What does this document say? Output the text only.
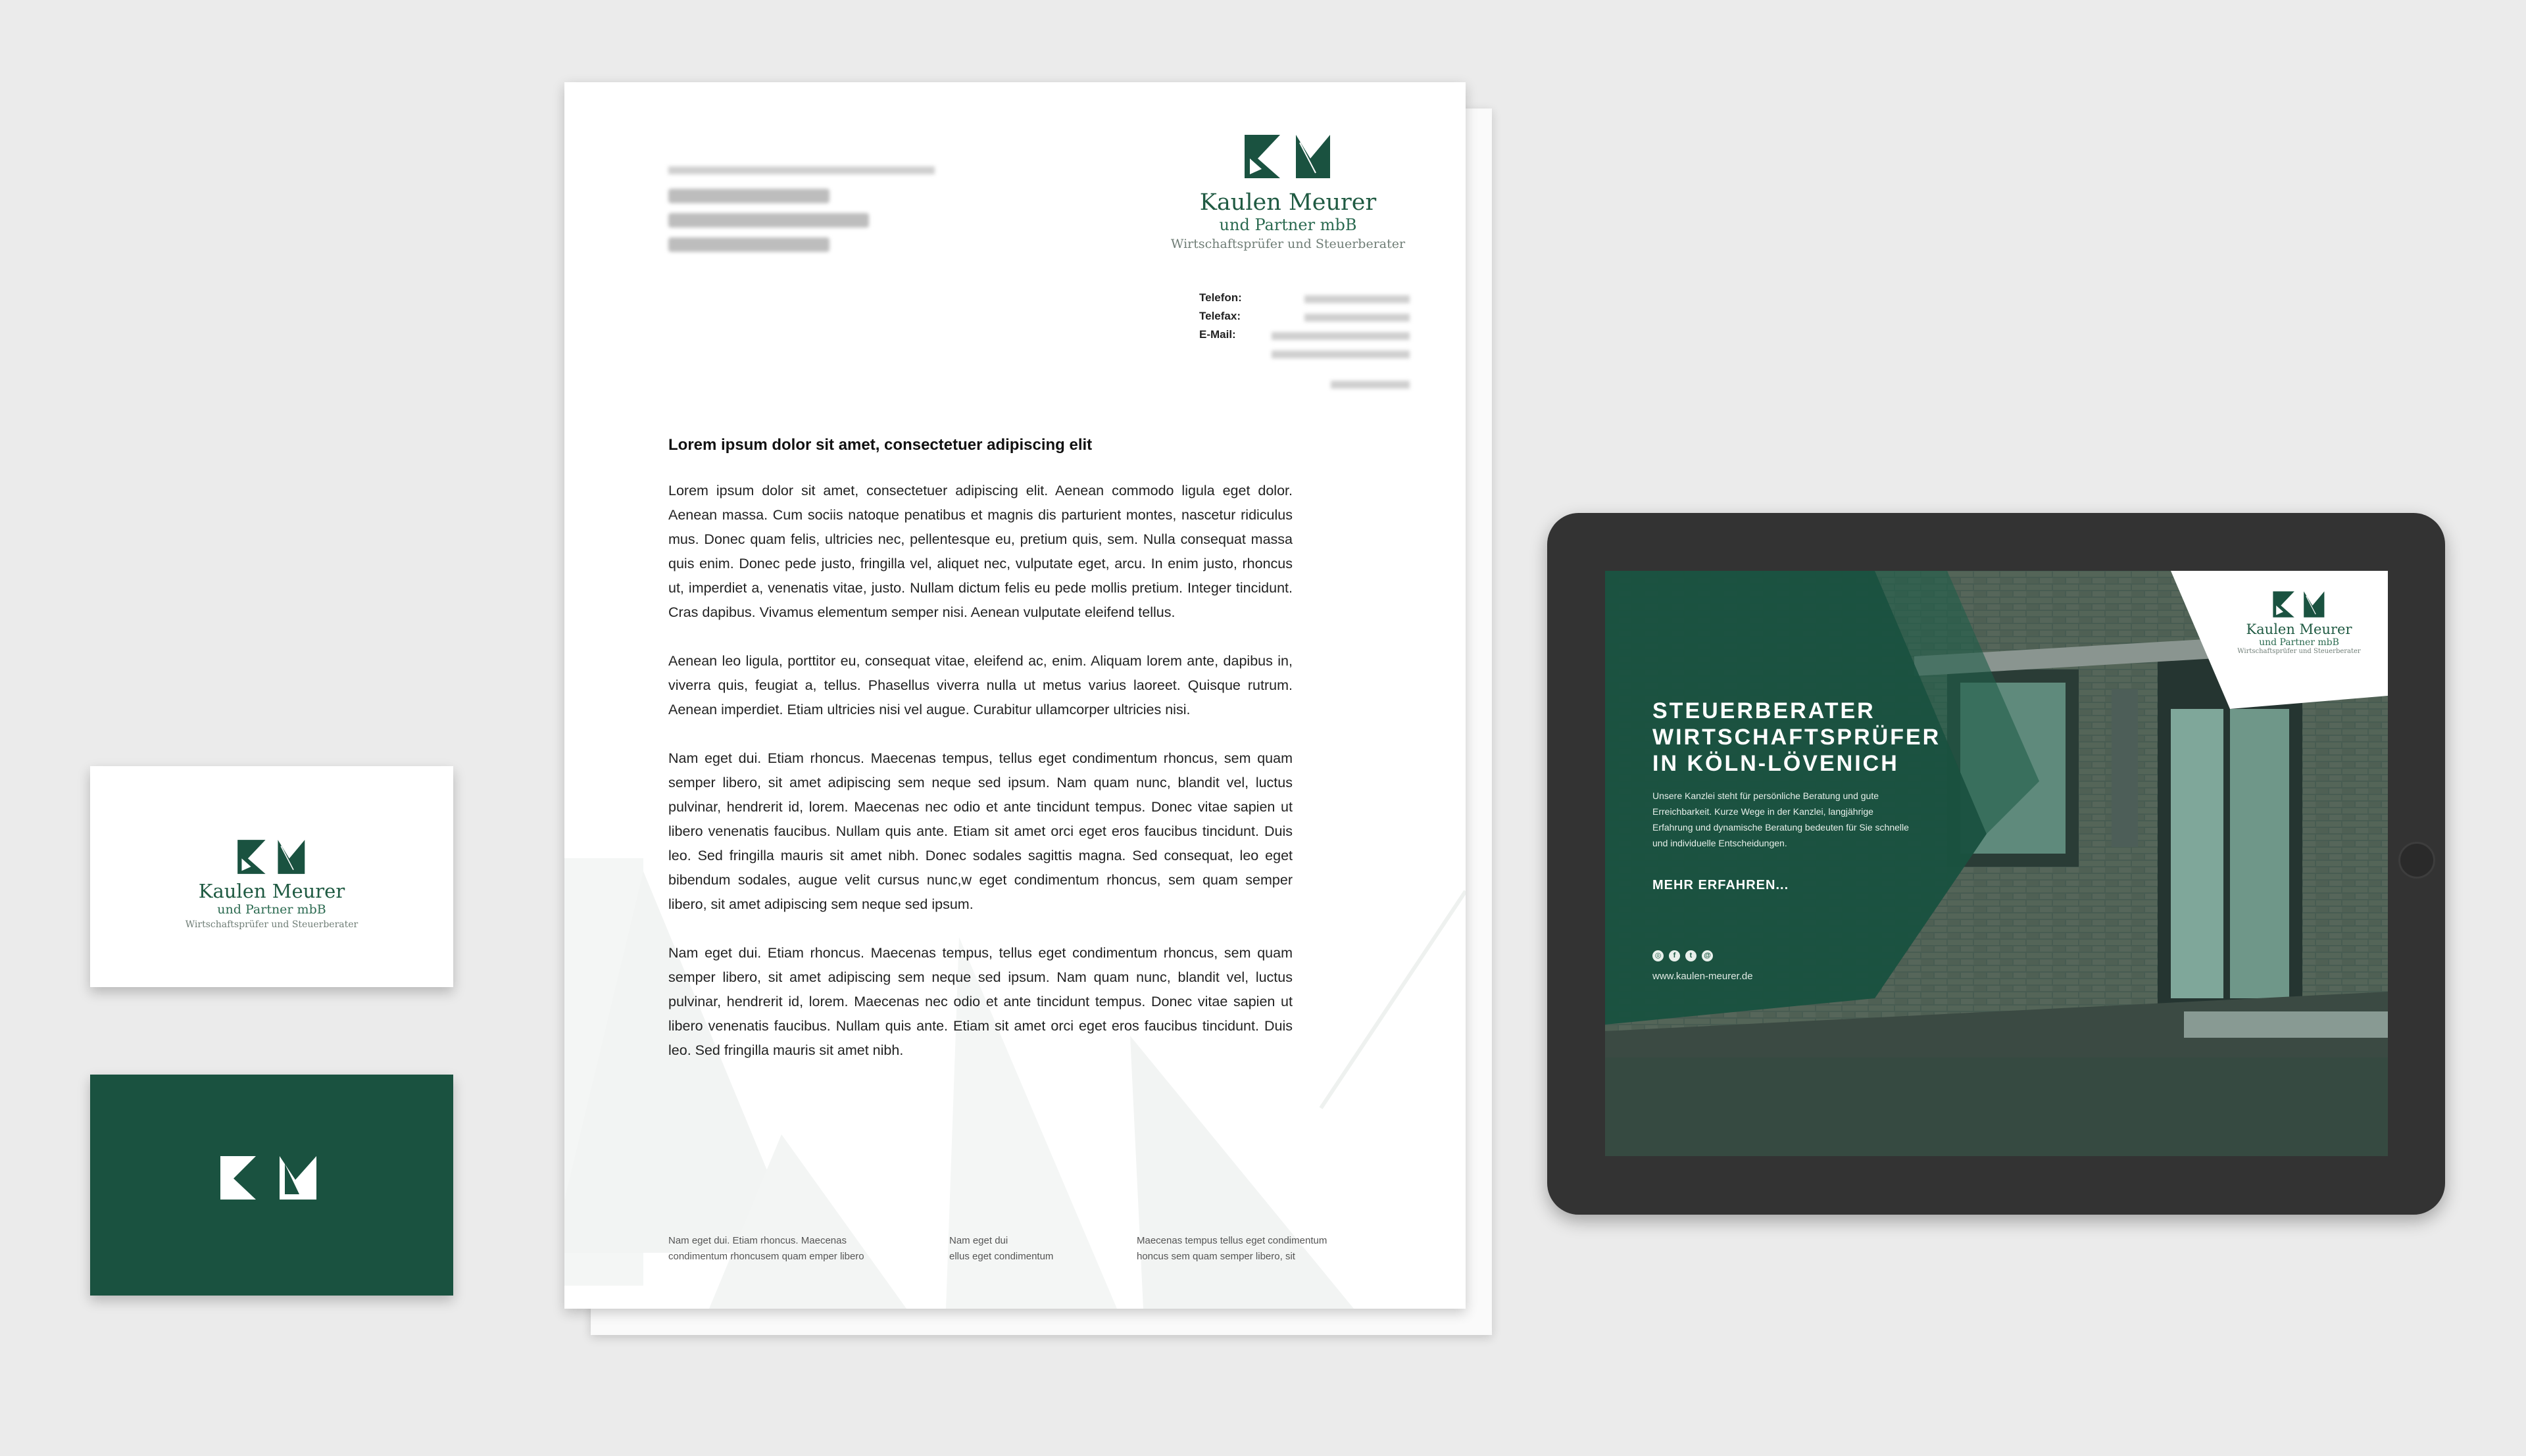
Kaulen Meurer
und Partner mbB
Wirtschaftsprüfer und Steuerberater
Telefon:
Telefax:
E-Mail:
Lorem ipsum dolor sit amet, consectetuer adipiscing elit

Lorem ipsum dolor sit amet, consectetuer adipiscing elit. Aenean commodo ligula eget dolor. Aenean massa. Cum sociis natoque penatibus et magnis dis parturient montes, nascetur ridiculus mus. Donec quam felis, ultricies nec, pellentesque eu, pretium quis, sem. Nulla consequat massa quis enim. Donec pede justo, fringilla vel, aliquet nec, vulputate eget, arcu. In enim justo, rhoncus ut, imperdiet a, venenatis vitae, justo. Nullam dictum felis eu pede mollis pretium. Integer tincidunt. Cras dapibus. Vivamus elementum semper nisi. Aenean vulputate eleifend tellus.

Aenean leo ligula, porttitor eu, consequat vitae, eleifend ac, enim. Aliquam lorem ante, dapibus in, viverra quis, feugiat a, tellus. Phasellus viverra nulla ut metus varius laoreet. Quisque rutrum. Aenean imperdiet. Etiam ultricies nisi vel augue. Curabitur ullamcorper ultricies nisi.

Nam eget dui. Etiam rhoncus. Maecenas tempus, tellus eget condimentum rhoncus, sem quam semper libero, sit amet adipiscing sem neque sed ipsum. Nam quam nunc, blandit vel, luctus pulvinar, hendrerit id, lorem. Maecenas nec odio et ante tincidunt tempus. Donec vitae sapien ut libero venenatis faucibus. Nullam quis ante. Etiam sit amet orci eget eros faucibus tincidunt. Duis leo. Sed fringilla mauris sit amet nibh. Donec sodales sagittis magna. Sed consequat, leo eget bibendum sodales, augue velit cursus nunc,w eget condimentum rhoncus, sem quam semper libero, sit amet adipiscing sem neque sed ipsum.

Nam eget dui. Etiam rhoncus. Maecenas tempus, tellus eget condimentum rhoncus, sem quam semper libero, sit amet adipiscing sem neque sed ipsum. Nam quam nunc, blandit vel, luctus pulvinar, hendrerit id, lorem. Maecenas nec odio et ante tincidunt tempus. Donec vitae sapien ut libero venenatis faucibus. Nullam quis ante. Etiam sit amet orci eget eros faucibus tincidunt. Duis leo. Sed fringilla mauris sit amet nibh.

Nam eget dui. Etiam rhoncus. Maecenas
condimentum rhoncusem quam emper libero
Nam eget dui
ellus eget condimentum
Maecenas tempus tellus eget condimentum
honcus sem quam semper libero, sit
Kaulen Meurer
und Partner mbB
Wirtschaftsprüfer und Steuerberater
Kaulen Meurer
und Partner mbB
Wirtschaftsprüfer und Steuerberater
STEUERBERATER
WIRTSCHAFTSPRÜFER
IN KÖLN-LÖVENICH
Unsere Kanzlei steht für persönliche Beratung und gute Erreichbarkeit. Kurze Wege in der Kanzlei, langjährige Erfahrung und dynamische Beratung bedeuten für Sie schnelle und individuelle Entscheidungen.
MEHR ERFAHREN...
◎ f t @
www.kaulen-meurer.de
